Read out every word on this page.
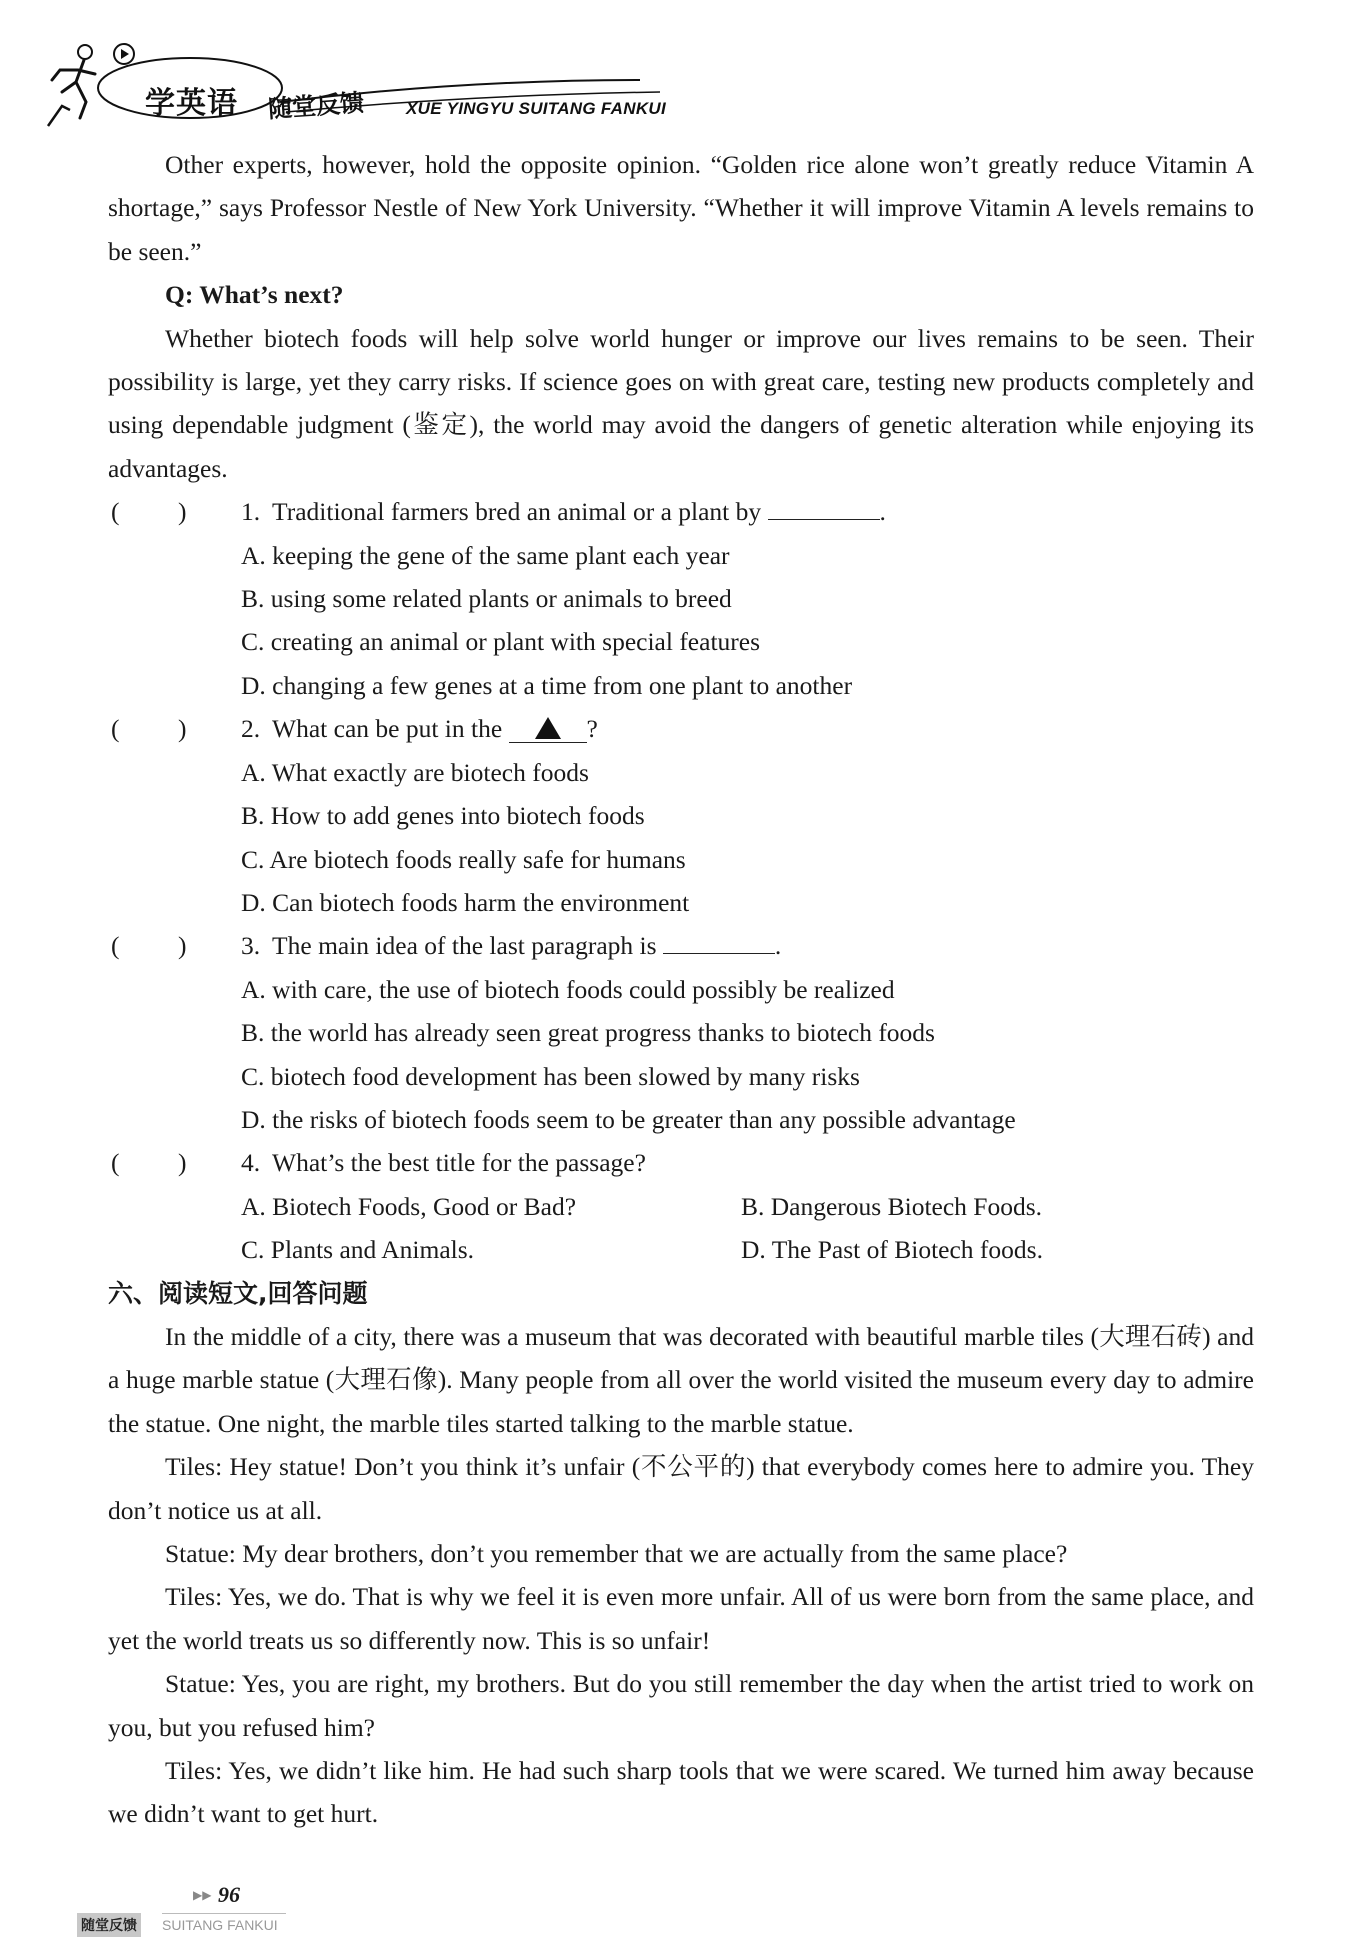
学英语 随堂反馈 XUE YINGYU SUITANG FANKUI

Other experts, however, hold the opposite opinion. “Golden rice alone won’t greatly reduce Vitamin A shortage,” says Professor Nestle of New York University. “Whether it will improve Vitamin A levels remains to be seen.”

Q: What’s next?

Whether biotech foods will help solve world hunger or improve our lives remains to be seen. Their possibility is large, yet they carry risks. If science goes on with great care, testing new products completely and using dependable judgment (鉴定), the world may avoid the dangers of genetic alteration while enjoying its advantages.

( ) 1. Traditional farmers bred an animal or a plant by	.

A. keeping the gene of the same plant each year

B. using some related plants or animals to breed

C. creating an animal or plant with special features

D. changing a few genes at a time from one plant to another

( ) 2. What can be put in the	?

A. What exactly are biotech foods

B. How to add genes into biotech foods

C. Are biotech foods really safe for humans

D. Can biotech foods harm the environment

( ) 3. The main idea of the last paragraph is	.

A. with care, the use of biotech foods could possibly be realized

B. the world has already seen great progress thanks to biotech foods

C. biotech food development has been slowed by many risks

D. the risks of biotech foods seem to be greater than any possible advantage

( ) 4. What’s the best title for the passage?
A. Biotech Foods, Good or Bad?	B. Dangerous Biotech Foods.
C. Plants and Animals.	D. The Past of Biotech foods.

六、阅读短文,回答问题

In the middle of a city, there was a museum that was decorated with beautiful marble tiles (大理石砖) and a huge marble statue (大理石像). Many people from all over the world visited the museum every day to admire the statue. One night, the marble tiles started talking to the marble statue.

Tiles: Hey statue! Don’t you think it’s unfair (不公平的) that everybody comes here to admire you. They don’t notice us at all.

Statue: My dear brothers, don’t you remember that we are actually from the same place?

Tiles: Yes, we do. That is why we feel it is even more unfair. All of us were born from the same place, and yet the world treats us so differently now. This is so unfair!

Statue: Yes, you are right, my brothers. But do you still remember the day when the artist tried to work on you, but you refused him?

Tiles: Yes, we didn’t like him. He had such sharp tools that we were scared. We turned him away because we didn’t want to get hurt.

▶▶ 96
随堂反馈 SUITANG FANKUI
